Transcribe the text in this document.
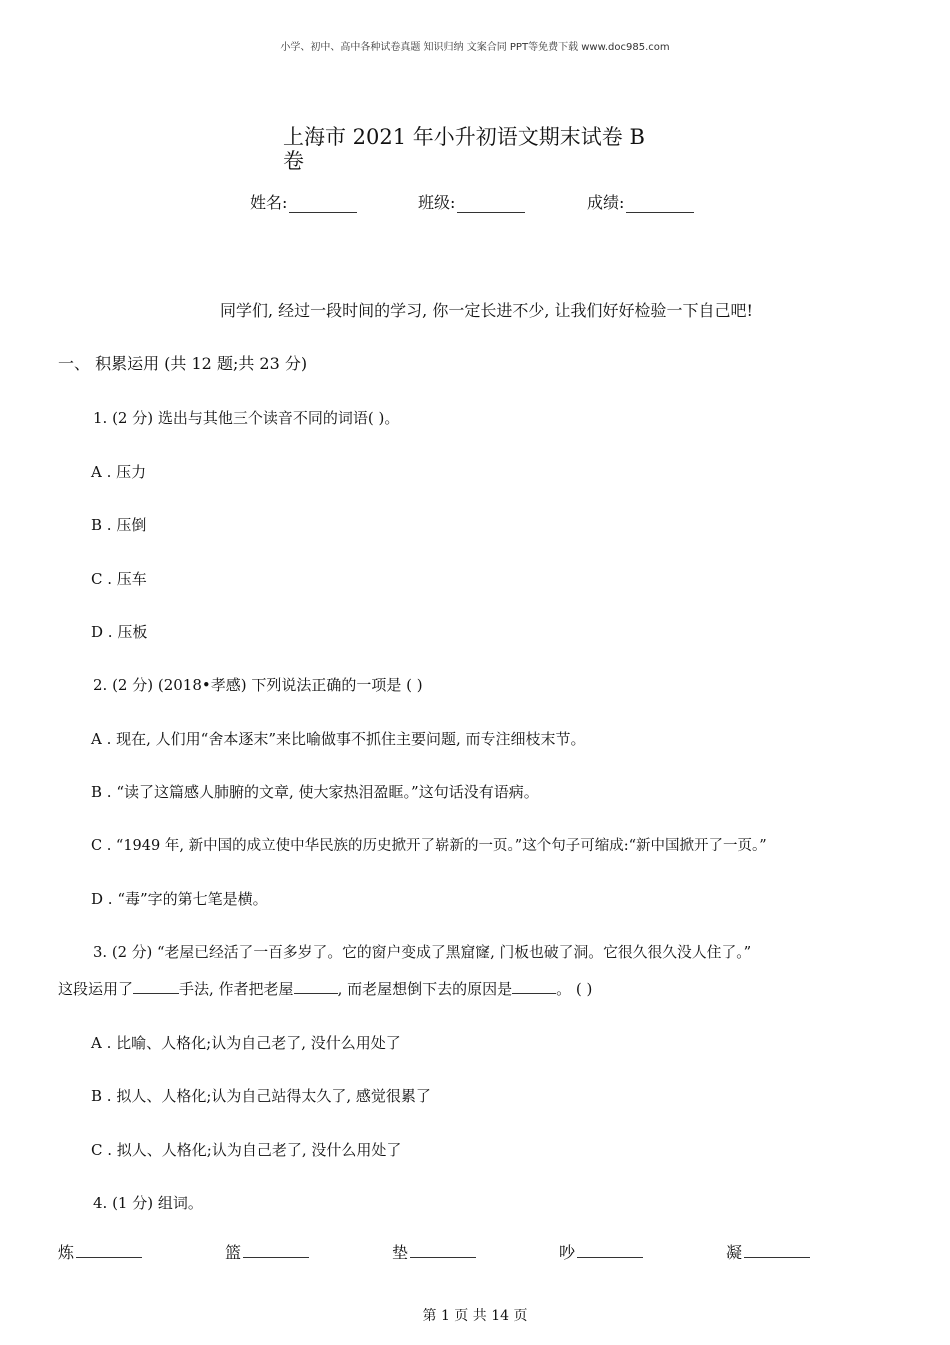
小学、初中、高中各种试卷真题 知识归纳 文案合同 PPT等免费下载 www.doc985.com
上海市 2021 年小升初语文期末试卷 B 卷
姓名:	班级:	成绩:
同学们, 经过一段时间的学习, 你一定长进不少, 让我们好好检验一下自己吧!
一、 积累运用 (共 12 题;共 23 分)
1. (2 分) 选出与其他三个读音不同的词语( )。
A . 压力
B . 压倒
C . 压车
D . 压板
2. (2 分) (2018•孝感) 下列说法正确的一项是 ( )
A . 现在, 人们用“舍本逐末”来比喻做事不抓住主要问题, 而专注细枝末节。
B . “读了这篇感人肺腑的文章, 使大家热泪盈眶。”这句话没有语病。
C . “1949 年, 新中国的成立使中华民族的历史掀开了崭新的一页。”这个句子可缩成:“新中国掀开了一页。”
D . “毒”字的第七笔是横。
3. (2 分) “老屋已经活了一百多岁了。它的窗户变成了黑窟窿, 门板也破了洞。它很久很久没人住了。”
这段运用了	手法, 作者把老屋	, 而老屋想倒下去的原因是	。 ( )
A . 比喻、人格化;认为自己老了, 没什么用处了
B . 拟人、人格化;认为自己站得太久了, 感觉很累了
C . 拟人、人格化;认为自己老了, 没什么用处了
4. (1 分) 组词。
炼	篮	垫	吵	凝
第 1 页 共 14 页
